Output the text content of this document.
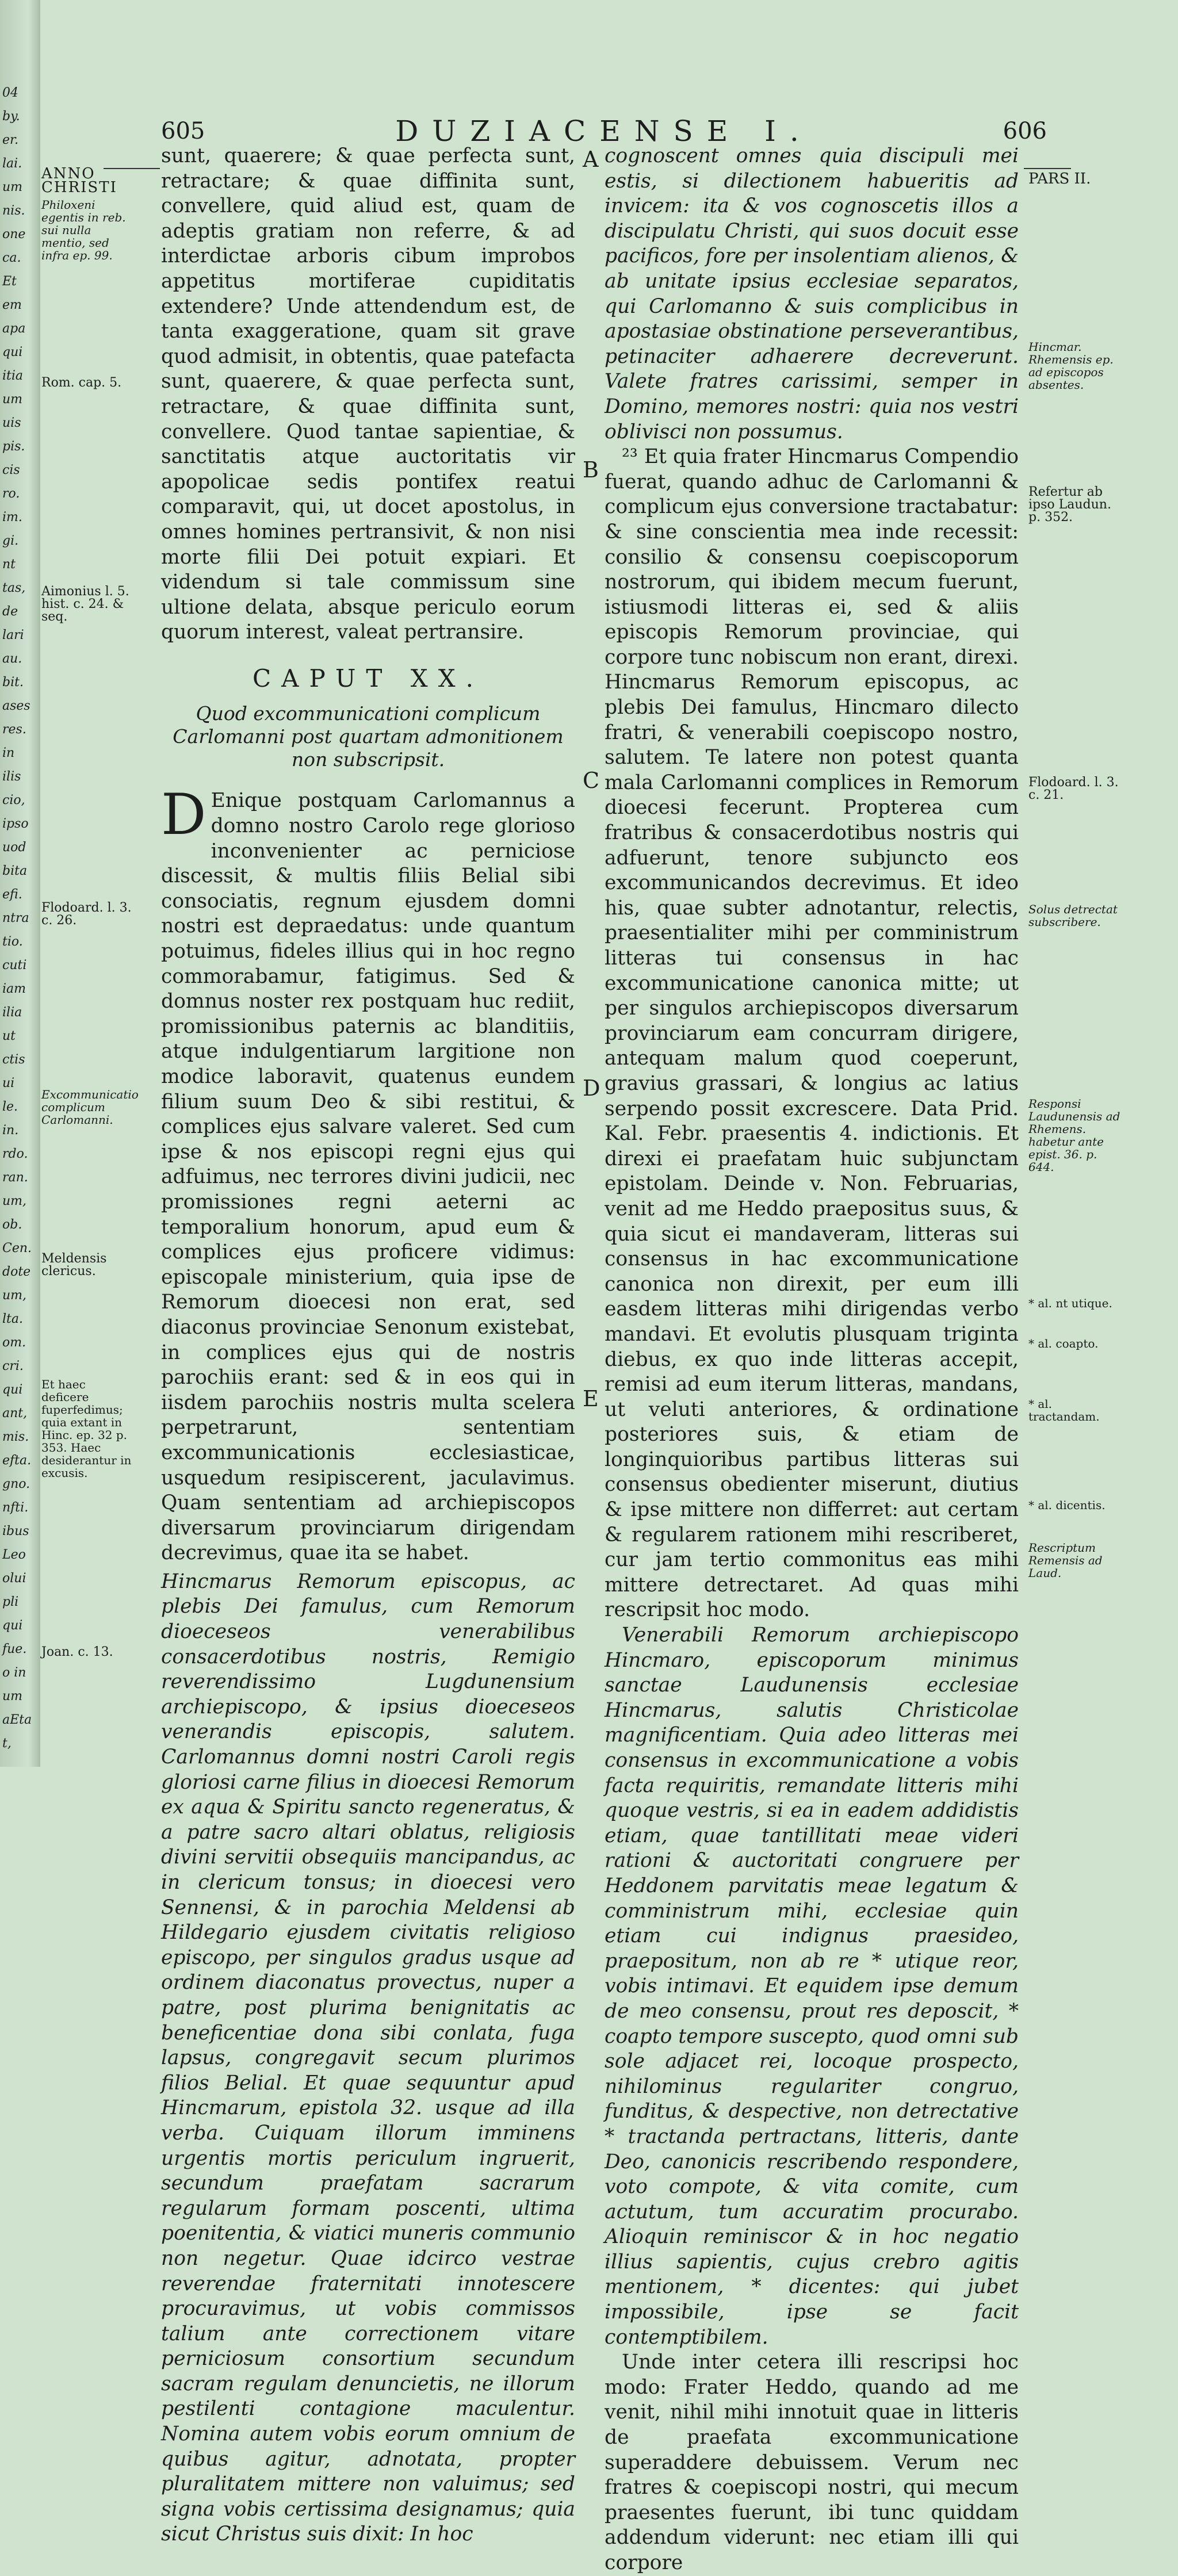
04
by.
er.
lai.
um
nis.
one
ca.
Et
em
apa
qui
itia
um
uis
pis.
cis
ro.
im.
gi.
nt
tas,
de
lari
au.
bit.
ases
res.
in
ilis
cio,
ipso
uod
bita
efi.
ntra
tio.
cuti
iam
ilia
ut
ctis
ui
le.
in.
rdo.
ran.
um,
ob.
Cen.
dote
um,
lta.
om.
cri.
qui
ant,
mis.
efta.
gno.
nfti.
ibus
Leo
olui
pli
qui
fue.
o in
um
aEta
t,
605	DUZIACENSE I.	606
A
B
C
D
E
ANNO CHRISTI
Philoxeni egentis in reb. sui nulla mentio, sed infra ep. 99.
Rom. cap. 5.
Aimonius l. 5. hist. c. 24. & seq.
Flodoard. l. 3. c. 26.
Excommunicatio complicum Carlomanni.
Meldensis clericus.
Et haec deficere fuperfedimus; quia extant in Hinc. ep. 32 p. 353. Haec desiderantur in excusis.
Joan. c. 13.
PARS II.
Hincmar. Rhemensis ep. ad episcopos absentes.
Refertur ab ipso Laudun. p. 352.
Flodoard. l. 3. c. 21.
Solus detrectat subscribere.
Responsi Laudunensis ad Rhemens. habetur ante epist. 36. p. 644.
* al. nt utique.
* al. coapto.
* al. tractandam.
* al. dicentis.
Rescriptum Remensis ad Laud.

sunt, quaerere; & quae perfecta sunt, retractare; & quae diffinita sunt, convellere, quid aliud est, quam de adeptis gratiam non referre, & ad interdictae arboris cibum improbos appetitus mortiferae cupiditatis extendere? Unde attendendum est, de tanta exaggeratione, quam sit grave quod admisit, in obtentis, quae patefacta sunt, quaerere, & quae perfecta sunt, retractare, & quae diffinita sunt, convellere. Quod tantae sapientiae, & sanctitatis atque auctoritatis vir apopolicae sedis pontifex reatui comparavit, qui, ut docet apostolus, in omnes homines pertransivit, & non nisi morte filii Dei potuit expiari. Et videndum si tale commissum sine ultione delata, absque periculo eorum quorum interest, valeat pertransire.

CAPUT XX.
Quod excommunicationi complicum Carlomanni post quartam admonitionem non subscripsit.

D Enique postquam Carlomannus a domno nostro Carolo rege glorioso inconvenienter ac perniciose discessit, & multis filiis Belial sibi consociatis, regnum ejusdem domni nostri est depraedatus: unde quantum potuimus, fideles illius qui in hoc regno commorabamur, fatigimus. Sed & domnus noster rex postquam huc rediit, promissionibus paternis ac blanditiis, atque indulgentiarum largitione non modice laboravit, quatenus eundem filium suum Deo & sibi restitui, & complices ejus salvare valeret. Sed cum ipse & nos episcopi regni ejus qui adfuimus, nec terrores divini judicii, nec promissiones regni aeterni ac temporalium honorum, apud eum & complices ejus proficere vidimus: episcopale ministerium, quia ipse de Remorum dioecesi non erat, sed diaconus provinciae Senonum existebat, in complices ejus qui de nostris parochiis erant: sed & in eos qui in iisdem parochiis nostris multa scelera perpetrarunt, sententiam excommunicationis ecclesiasticae, usquedum resipiscerent, jaculavimus. Quam sententiam ad archiepiscopos diversarum provinciarum dirigendam decrevimus, quae ita se habet.

Hincmarus Remorum episcopus, ac plebis Dei famulus, cum Remorum dioeceseos venerabilibus consacerdotibus nostris, Remigio reverendissimo Lugdunensium archiepiscopo, & ipsius dioeceseos venerandis episcopis, salutem. Carlomannus domni nostri Caroli regis gloriosi carne filius in dioecesi Remorum ex aqua & Spiritu sancto regeneratus, & a patre sacro altari oblatus, religiosis divini servitii obsequiis mancipandus, ac in clericum tonsus; in dioecesi vero Sennensi, & in parochia Meldensi ab Hildegario ejusdem civitatis religioso episcopo, per singulos gradus usque ad ordinem diaconatus provectus, nuper a patre, post plurima benignitatis ac beneficentiae dona sibi conlata, fuga lapsus, congregavit secum plurimos filios Belial. Et quae sequuntur apud Hincmarum, epistola 32. usque ad illa verba. Cuiquam illorum imminens urgentis mortis periculum ingruerit, secundum praefatam sacrarum regularum formam poscenti, ultima poenitentia, & viatici muneris communio non negetur. Quae idcirco vestrae reverendae fraternitati innotescere procuravimus, ut vobis commissos talium ante correctionem vitare perniciosum consortium secundum sacram regulam denuncietis, ne illorum pestilenti contagione maculentur. Nomina autem vobis eorum omnium de quibus agitur, adnotata, propter pluralitatem mittere non valuimus; sed signa vobis certissima designamus; quia sicut Christus suis dixit: In hoc

cognoscent omnes quia discipuli mei estis, si dilectionem habueritis ad invicem: ita & vos cognoscetis illos a discipulatu Christi, qui suos docuit esse pacificos, fore per insolentiam alienos, & ab unitate ipsius ecclesiae separatos, qui Carlomanno & suis complicibus in apostasiae obstinatione perseverantibus, petinaciter adhaerere decreverunt. Valete fratres carissimi, semper in Domino, memores nostri: quia nos vestri oblivisci non possumus.

²³ Et quia frater Hincmarus Compendio fuerat, quando adhuc de Carlomanni & complicum ejus conversione tractabatur: & sine conscientia mea inde recessit: consilio & consensu coepiscoporum nostrorum, qui ibidem mecum fuerunt, istiusmodi litteras ei, sed & aliis episcopis Remorum provinciae, qui corpore tunc nobiscum non erant, direxi. Hincmarus Remorum episcopus, ac plebis Dei famulus, Hincmaro dilecto fratri, & venerabili coepiscopo nostro, salutem. Te latere non potest quanta mala Carlomanni complices in Remorum dioecesi fecerunt. Propterea cum fratribus & consacerdotibus nostris qui adfuerunt, tenore subjuncto eos excommunicandos decrevimus. Et ideo his, quae subter adnotantur, relectis, praesentialiter mihi per comministrum litteras tui consensus in hac excommunicatione canonica mitte; ut per singulos archiepiscopos diversarum provinciarum eam concurram dirigere, antequam malum quod coeperunt, gravius grassari, & longius ac latius serpendo possit excrescere. Data Prid. Kal. Febr. praesentis 4. indictionis. Et direxi ei praefatam huic subjunctam epistolam. Deinde v. Non. Februarias, venit ad me Heddo praepositus suus, & quia sicut ei mandaveram, litteras sui consensus in hac excommunicatione canonica non direxit, per eum illi easdem litteras mihi dirigendas verbo mandavi. Et evolutis plusquam triginta diebus, ex quo inde litteras accepit, remisi ad eum iterum litteras, mandans, ut veluti anteriores, & ordinatione posteriores suis, & etiam de longinquioribus partibus litteras sui consensus obedienter miserunt, diutius & ipse mittere non differret: aut certam & regularem rationem mihi rescriberet, cur jam tertio commonitus eas mihi mittere detrectaret. Ad quas mihi rescripsit hoc modo.

Venerabili Remorum archiepiscopo Hincmaro, episcoporum minimus sanctae Laudunensis ecclesiae Hincmarus, salutis Christicolae magnificentiam. Quia adeo litteras mei consensus in excommunicatione a vobis facta requiritis, remandate litteris mihi quoque vestris, si ea in eadem addidistis etiam, quae tantillitati meae videri rationi & auctoritati congruere per Heddonem parvitatis meae legatum & comministrum mihi, ecclesiae quin etiam cui indignus praesideo, praepositum, non ab re * utique reor, vobis intimavi. Et equidem ipse demum de meo consensu, prout res deposcit, * coapto tempore suscepto, quod omni sub sole adjacet rei, locoque prospecto, nihilominus regulariter congruo, funditus, & despective, non detrectative * tractanda pertractans, litteris, dante Deo, canonicis rescribendo respondere, voto compote, & vita comite, cum actutum, tum accuratim procurabo. Alioquin reminiscor & in hoc negatio illius sapientis, cujus crebro agitis mentionem, * dicentes: qui jubet impossibile, ipse se facit contemptibilem.

Unde inter cetera illi rescripsi hoc modo: Frater Heddo, quando ad me venit, nihil mihi innotuit quae in litteris de praefata excommunicatione superaddere debuissem. Verum nec fratres & coepiscopi nostri, qui mecum praesentes fuerunt, ibi tunc quiddam addendum viderunt: nec etiam illi qui corpore
